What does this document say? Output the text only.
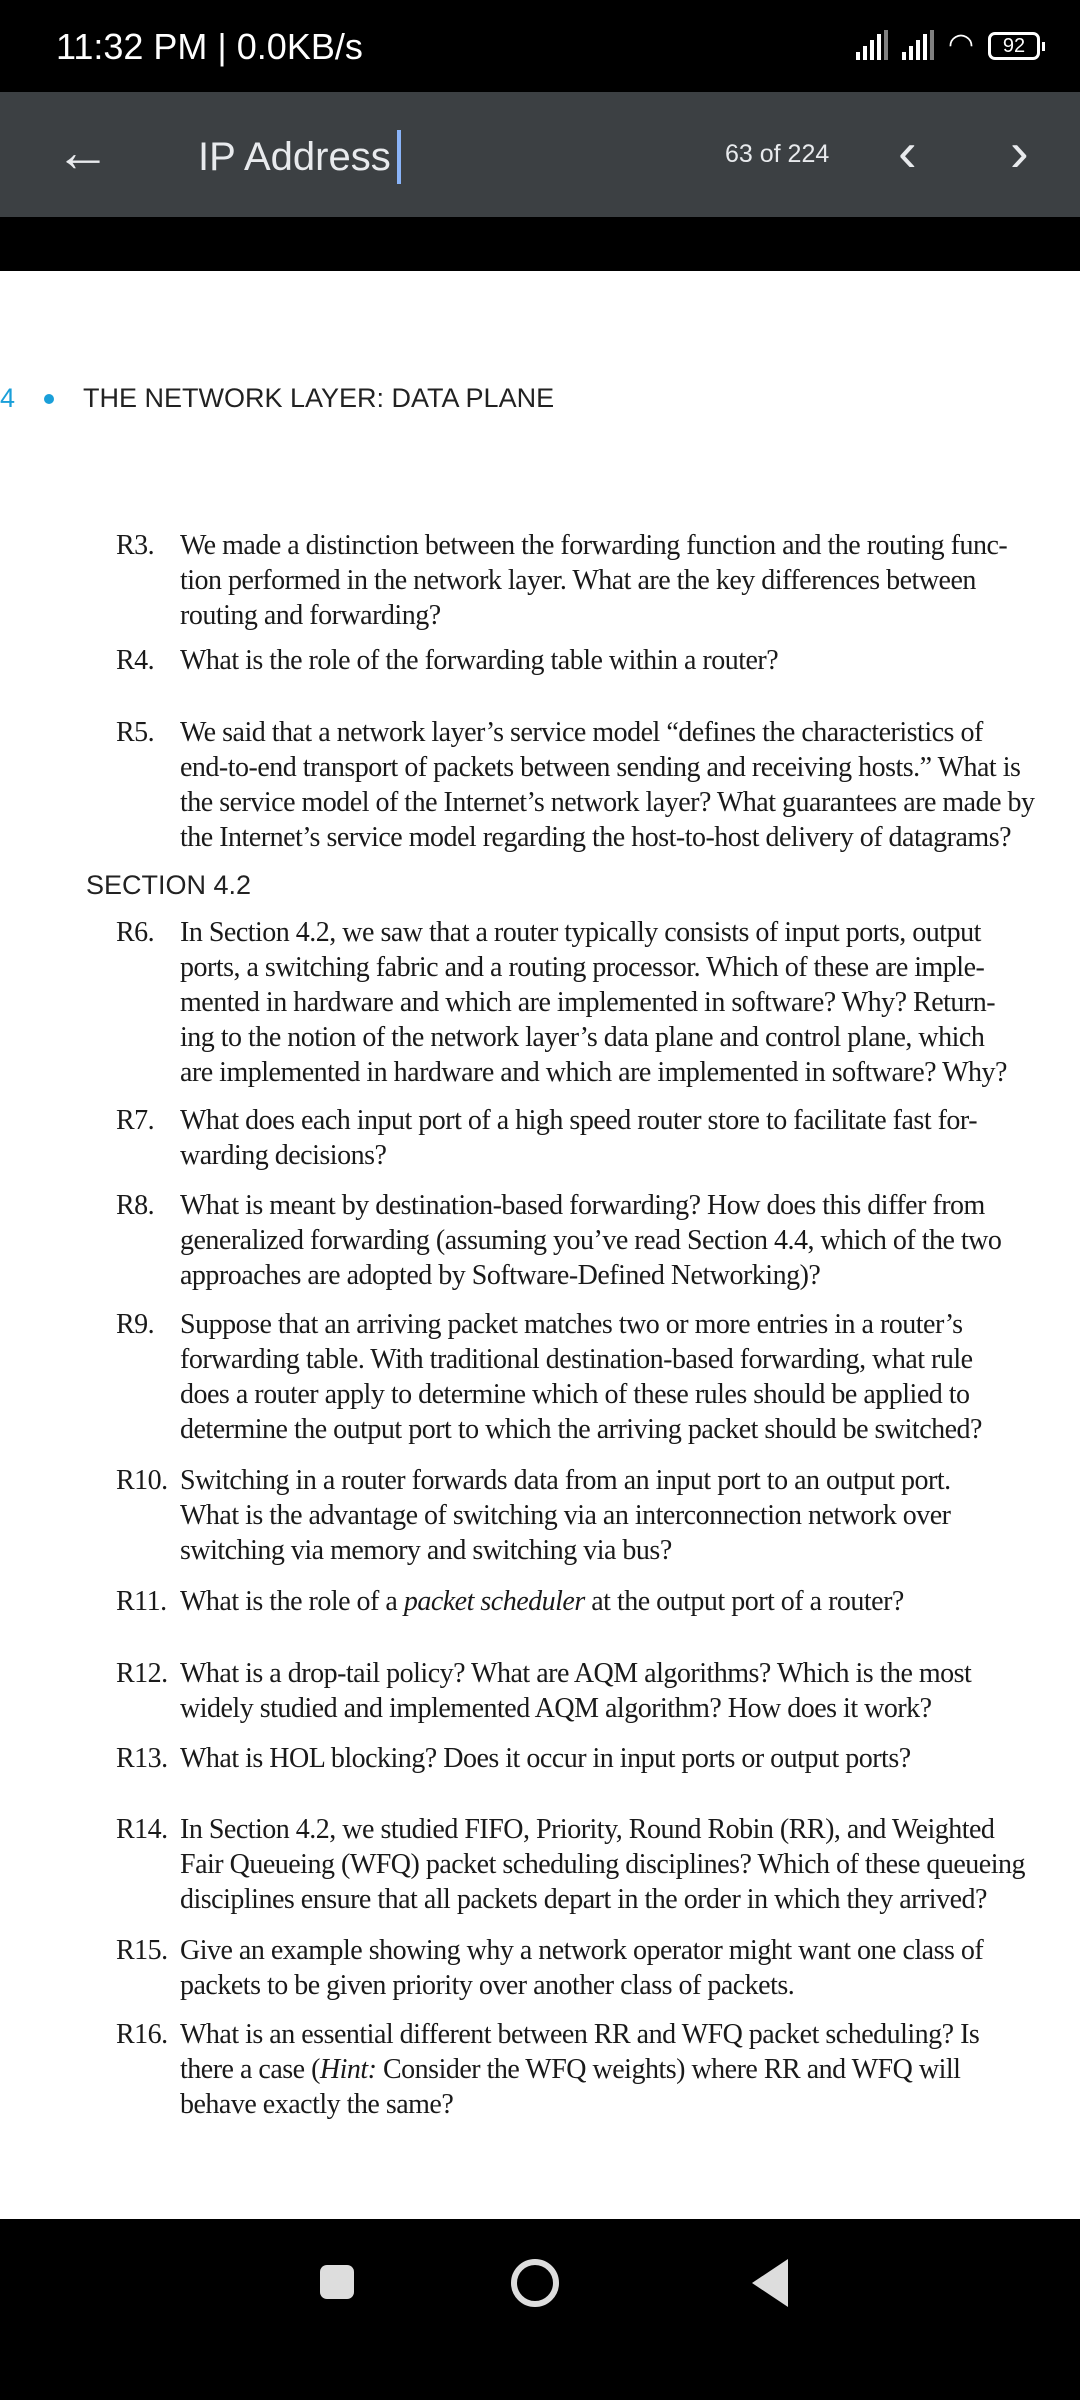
11:32 PM | 0.0KB/s	◠ 92
← IP Address	63 of 224 ‹ ›
4	THE NETWORK LAYER: DATA PLANE
SECTION 4.2
R3. We made a distinction between the forwarding function and the routing func-
tion performed in the network layer. What are the key differences between
routing and forwarding?
R4. What is the role of the forwarding table within a router?
R5. We said that a network layer’s service model “defines the characteristics of
end-to-end transport of packets between sending and receiving hosts.” What is
the service model of the Internet’s network layer? What guarantees are made by
the Internet’s service model regarding the host-to-host delivery of datagrams?
R6. In Section 4.2, we saw that a router typically consists of input ports, output
ports, a switching fabric and a routing processor. Which of these are imple-
mented in hardware and which are implemented in software? Why? Return-
ing to the notion of the network layer’s data plane and control plane, which
are implemented in hardware and which are implemented in software? Why?
R7. What does each input port of a high speed router store to facilitate fast for-
warding decisions?
R8. What is meant by destination-based forwarding? How does this differ from
generalized forwarding (assuming you’ve read Section 4.4, which of the two
approaches are adopted by Software-Defined Networking)?
R9. Suppose that an arriving packet matches two or more entries in a router’s
forwarding table. With traditional destination-based forwarding, what rule
does a router apply to determine which of these rules should be applied to
determine the output port to which the arriving packet should be switched?
R10. Switching in a router forwards data from an input port to an output port.
What is the advantage of switching via an interconnection network over
switching via memory and switching via bus?
R11. What is the role of a packet scheduler at the output port of a router?
R12. What is a drop-tail policy? What are AQM algorithms? Which is the most
widely studied and implemented AQM algorithm? How does it work?
R13. What is HOL blocking? Does it occur in input ports or output ports?
R14. In Section 4.2, we studied FIFO, Priority, Round Robin (RR), and Weighted
Fair Queueing (WFQ) packet scheduling disciplines? Which of these queueing
disciplines ensure that all packets depart in the order in which they arrived?
R15. Give an example showing why a network operator might want one class of
packets to be given priority over another class of packets.
R16. What is an essential different between RR and WFQ packet scheduling? Is
there a case (Hint: Consider the WFQ weights) where RR and WFQ will
behave exactly the same?
